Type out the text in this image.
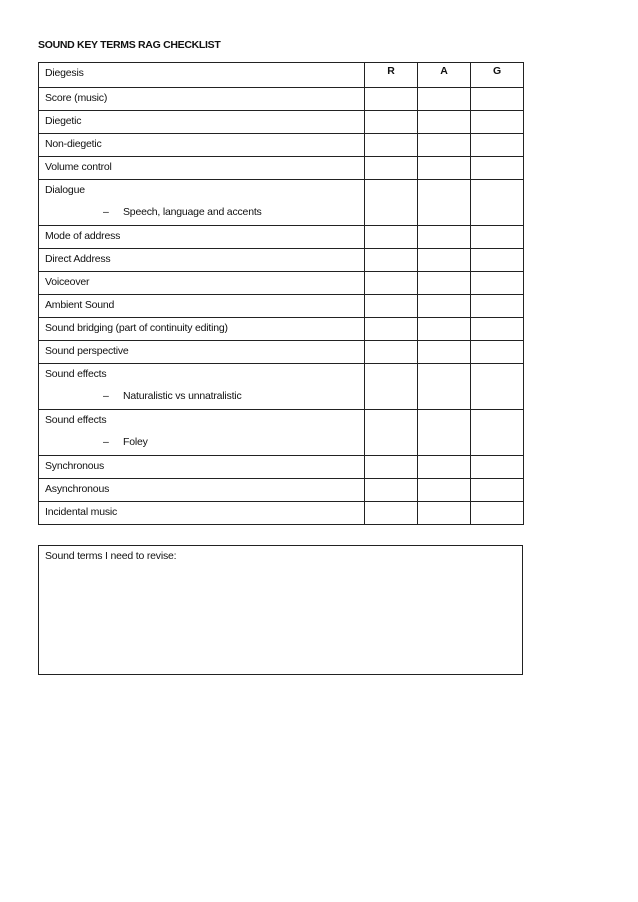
SOUND KEY TERMS RAG CHECKLIST
Diegesis	R	A	G

Score (music)			

Diegetic			

Non-diegetic			

Volume control			

Dialogue
– Speech, language and accents			

Mode of address			

Direct Address			

Voiceover			

Ambient Sound			

Sound bridging (part of continuity editing)			

Sound perspective			

Sound effects
– Naturalistic vs unnatralistic			

Sound effects
– Foley			

Synchronous			

Asynchronous			

Incidental music			

Sound terms I need to revise:
